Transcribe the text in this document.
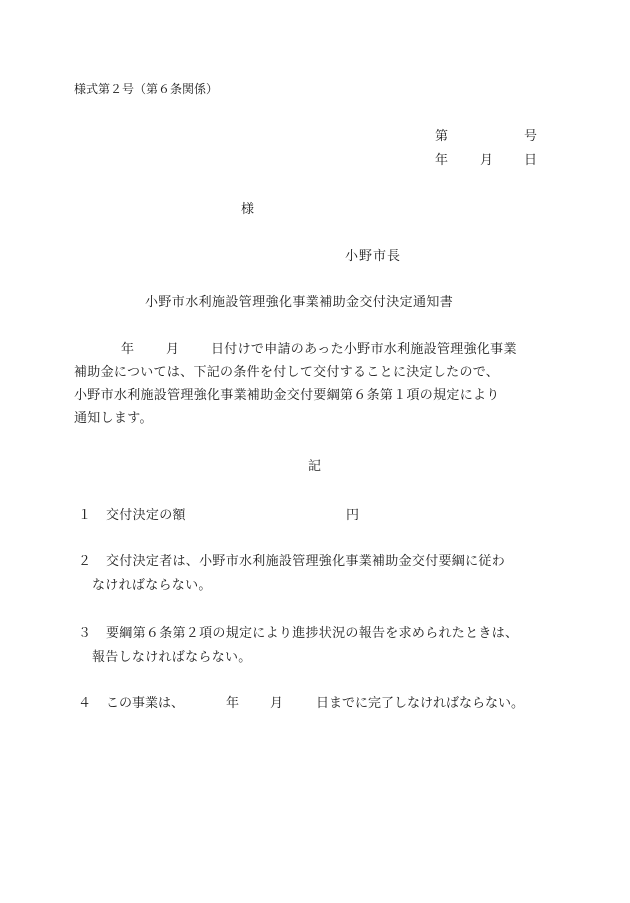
様式第２号（第６条関係）
第	号
年 月 日
様
小野市長
小野市水利施設管理強化事業補助金交付決定通知書
年 月 日付けで申請のあった小野市水利施設管理強化事業
補助金については、下記の条件を付して交付することに決定したので、
小野市水利施設管理強化事業補助金交付要綱第６条第１項の規定により
通知します。
記
１ 交付決定の額	円
２ 交付決定者は、小野市水利施設管理強化事業補助金交付要綱に従わ
なければならない。
３ 要綱第６条第２項の規定により進捗状況の報告を求められたときは、
報告しなければならない。
４ この事業は、	年 月	日までに完了しなければならない。
